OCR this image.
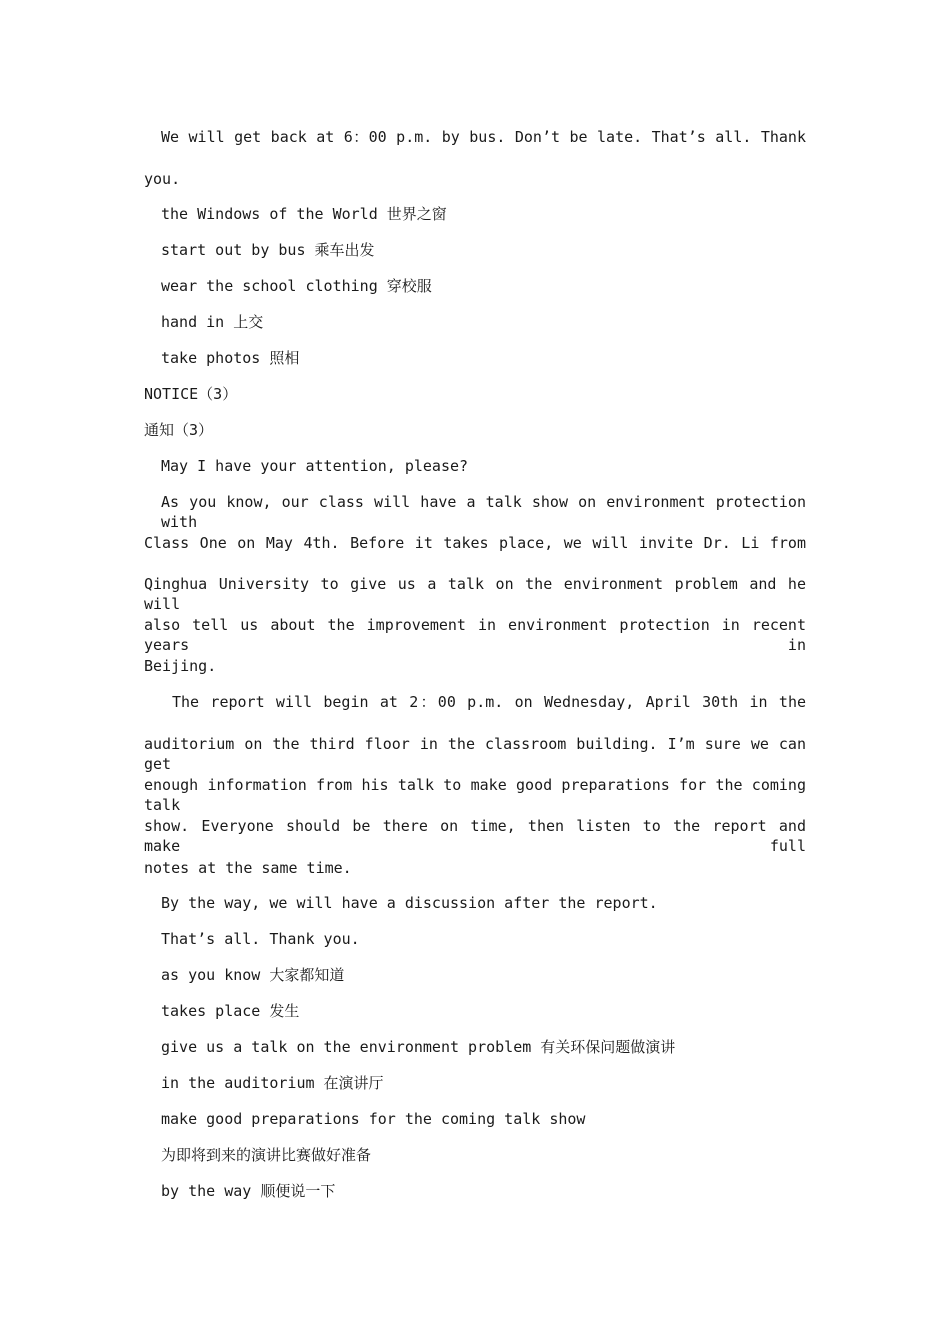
We will get back at 6：00 p.m. by bus. Don’t be late. That’s all. Thank
you.
the Windows of the World 世界之窗
start out by bus 乘车出发
wear the school clothing 穿校服
hand in 上交
take photos 照相
NOTICE（3）
通知（3）
May I have your attention, please?
As you know, our class will have a talk show on environment protection with
Class One on May 4th. Before it takes place, we will invite Dr. Li from
Qinghua University to give us a talk on the environment problem and he will
also tell us about the improvement in environment protection in recent years in
Beijing.
The report will begin at 2：00 p.m. on Wednesday, April 30th in the
auditorium on the third floor in the classroom building. I’m sure we can get
enough information from his talk to make good preparations for the coming talk
show. Everyone should be there on time, then listen to the report and make full
notes at the same time.
By the way, we will have a discussion after the report.
That’s all. Thank you.
as you know 大家都知道
takes place 发生
give us a talk on the environment problem 有关环保问题做演讲
in the auditorium 在演讲厅
make good preparations for the coming talk show
为即将到来的演讲比赛做好准备
by the way 顺便说一下
